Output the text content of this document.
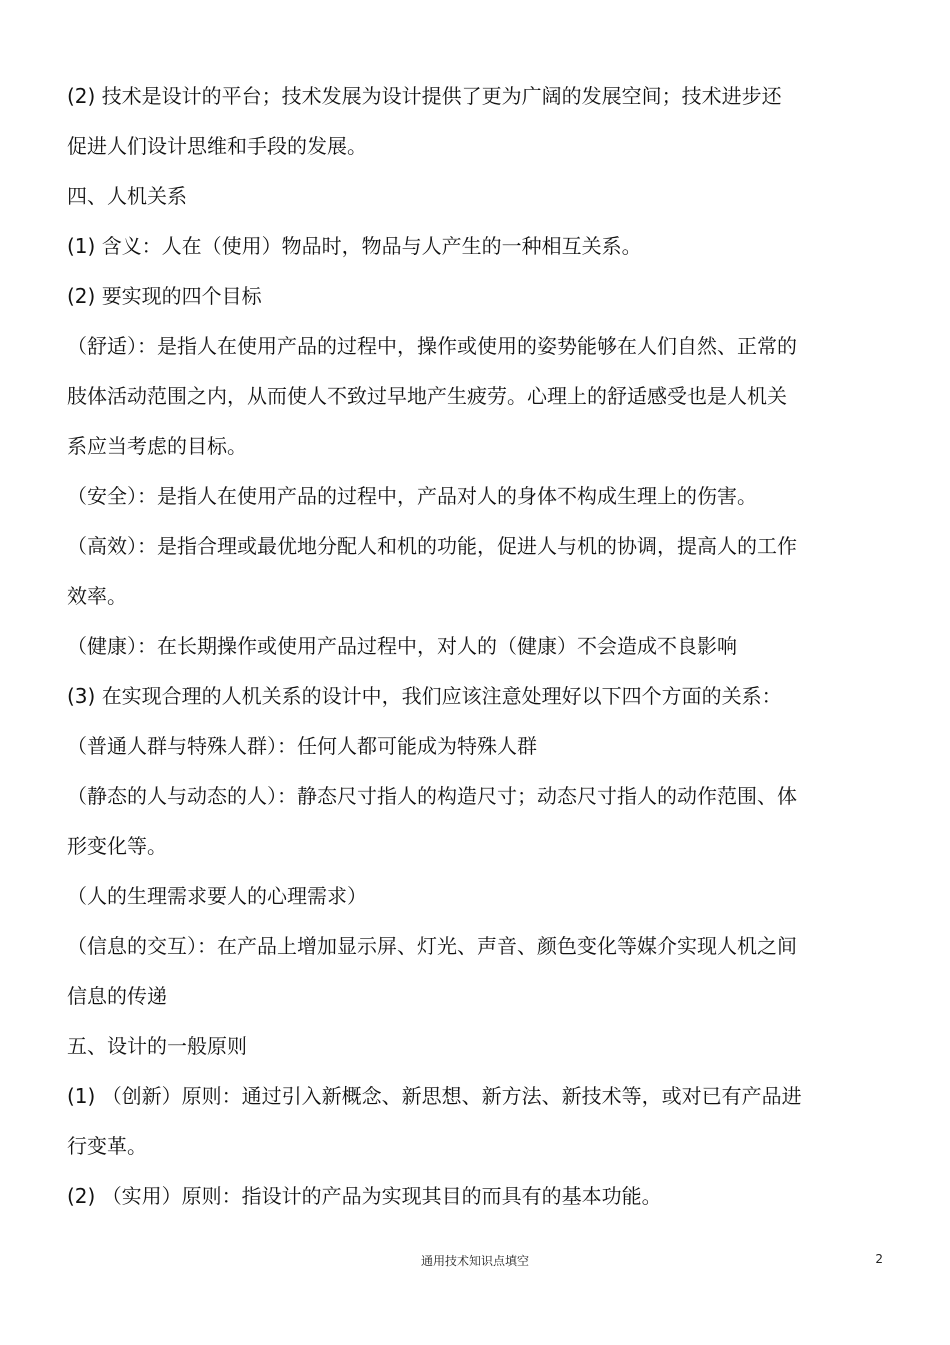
(2) 技术是设计的平台；技术发展为设计提供了更为广阔的发展空间；技术进步还
促进人们设计思维和手段的发展。
四、人机关系
(1) 含义：人在（使用）物品时，物品与人产生的一种相互关系。
(2) 要实现的四个目标
（舒适）：是指人在使用产品的过程中，操作或使用的姿势能够在人们自然、正常的
肢体活动范围之内，从而使人不致过早地产生疲劳。心理上的舒适感受也是人机关
系应当考虑的目标。
（安全）：是指人在使用产品的过程中，产品对人的身体不构成生理上的伤害。
（高效）：是指合理或最优地分配人和机的功能，促进人与机的协调，提高人的工作
效率。
（健康）：在长期操作或使用产品过程中，对人的（健康）不会造成不良影响
(3) 在实现合理的人机关系的设计中，我们应该注意处理好以下四个方面的关系：
（普通人群与特殊人群）：任何人都可能成为特殊人群
（静态的人与动态的人）：静态尺寸指人的构造尺寸；动态尺寸指人的动作范围、体
形变化等。
（人的生理需求要人的心理需求）
（信息的交互）：在产品上增加显示屏、灯光、声音、颜色变化等媒介实现人机之间
信息的传递
五、设计的一般原则
(1) （创新）原则：通过引入新概念、新思想、新方法、新技术等，或对已有产品进
行变革。
(2) （实用）原则：指设计的产品为实现其目的而具有的基本功能。
通用技术知识点填空	2
